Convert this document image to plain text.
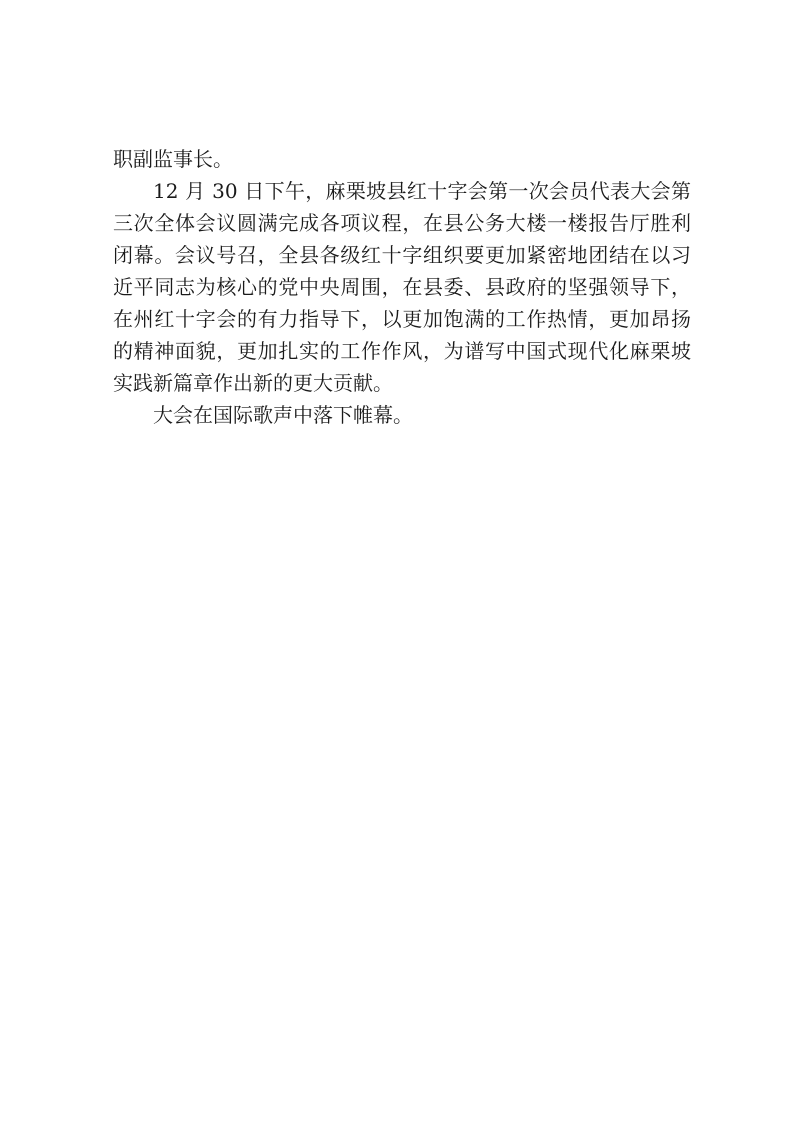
职副监事长。
12 月 30 日下午，麻栗坡县红十字会第一次会员代表大会第
三次全体会议圆满完成各项议程，在县公务大楼一楼报告厅胜利
闭幕。会议号召，全县各级红十字组织要更加紧密地团结在以习
近平同志为核心的党中央周围，在县委、县政府的坚强领导下，
在州红十字会的有力指导下，以更加饱满的工作热情，更加昂扬
的精神面貌，更加扎实的工作作风，为谱写中国式现代化麻栗坡
实践新篇章作出新的更大贡献。
大会在国际歌声中落下帷幕。
